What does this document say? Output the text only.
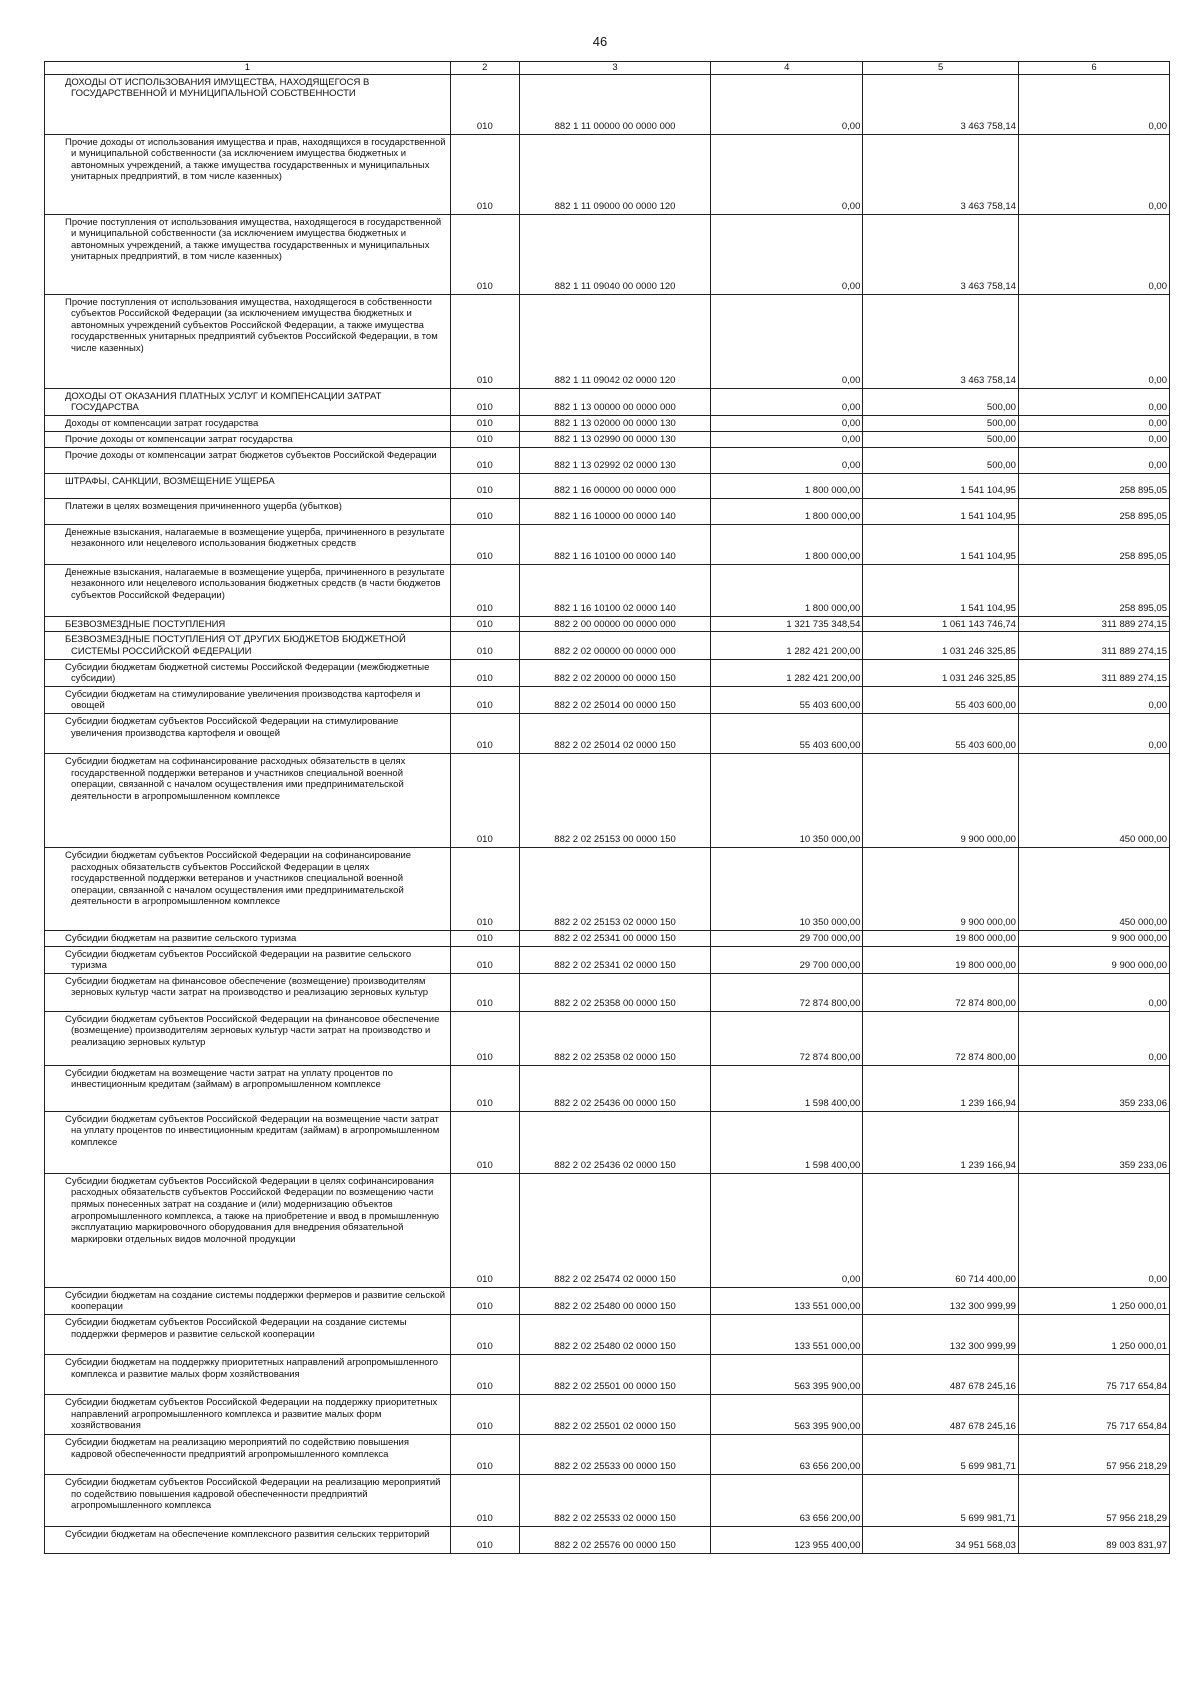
46
1	2	3	4	5	6
ДОХОДЫ ОТ ИСПОЛЬЗОВАНИЯ ИМУЩЕСТВА, НАХОДЯЩЕГОСЯ В ГОСУДАРСТВЕННОЙ И МУНИЦИПАЛЬНОЙ СОБСТВЕННОСТИ	010	882 1 11 00000 00 0000 000	0,00	3 463 758,14	0,00
Прочие доходы от использования имущества и прав, находящихся в государственной и муниципальной собственности (за исключением имущества бюджетных и автономных учреждений, а также имущества государственных и муниципальных унитарных предприятий, в том числе казенных)	010	882 1 11 09000 00 0000 120	0,00	3 463 758,14	0,00
Прочие поступления от использования имущества, находящегося в государственной и муниципальной собственности (за исключением имущества бюджетных и автономных учреждений, а также имущества государственных и муниципальных унитарных предприятий, в том числе казенных)	010	882 1 11 09040 00 0000 120	0,00	3 463 758,14	0,00
Прочие поступления от использования имущества, находящегося в собственности субъектов Российской Федерации (за исключением имущества бюджетных и автономных учреждений субъектов Российской Федерации, а также имущества государственных унитарных предприятий субъектов Российской Федерации, в том числе казенных)	010	882 1 11 09042 02 0000 120	0,00	3 463 758,14	0,00
ДОХОДЫ ОТ ОКАЗАНИЯ ПЛАТНЫХ УСЛУГ И КОМПЕНСАЦИИ ЗАТРАТ ГОСУДАРСТВА	010	882 1 13 00000 00 0000 000	0,00	500,00	0,00
Доходы от компенсации затрат государства	010	882 1 13 02000 00 0000 130	0,00	500,00	0,00
Прочие доходы от компенсации затрат государства	010	882 1 13 02990 00 0000 130	0,00	500,00	0,00
Прочие доходы от компенсации затрат бюджетов субъектов Российской Федерации	010	882 1 13 02992 02 0000 130	0,00	500,00	0,00
ШТРАФЫ, САНКЦИИ, ВОЗМЕЩЕНИЕ УЩЕРБА	010	882 1 16 00000 00 0000 000	1 800 000,00	1 541 104,95	258 895,05
Платежи в целях возмещения причиненного ущерба (убытков)	010	882 1 16 10000 00 0000 140	1 800 000,00	1 541 104,95	258 895,05
Денежные взыскания, налагаемые в возмещение ущерба, причиненного в результате незаконного или нецелевого использования бюджетных средств	010	882 1 16 10100 00 0000 140	1 800 000,00	1 541 104,95	258 895,05
Денежные взыскания, налагаемые в возмещение ущерба, причиненного в результате незаконного или нецелевого использования бюджетных средств (в части бюджетов субъектов Российской Федерации)	010	882 1 16 10100 02 0000 140	1 800 000,00	1 541 104,95	258 895,05
БЕЗВОЗМЕЗДНЫЕ ПОСТУПЛЕНИЯ	010	882 2 00 00000 00 0000 000	1 321 735 348,54	1 061 143 746,74	311 889 274,15
БЕЗВОЗМЕЗДНЫЕ ПОСТУПЛЕНИЯ ОТ ДРУГИХ БЮДЖЕТОВ БЮДЖЕТНОЙ СИСТЕМЫ РОССИЙСКОЙ ФЕДЕРАЦИИ	010	882 2 02 00000 00 0000 000	1 282 421 200,00	1 031 246 325,85	311 889 274,15
Субсидии бюджетам бюджетной системы Российской Федерации (межбюджетные субсидии)	010	882 2 02 20000 00 0000 150	1 282 421 200,00	1 031 246 325,85	311 889 274,15
Субсидии бюджетам на стимулирование увеличения производства картофеля и овощей	010	882 2 02 25014 00 0000 150	55 403 600,00	55 403 600,00	0,00
Субсидии бюджетам субъектов Российской Федерации на стимулирование увеличения производства картофеля и овощей	010	882 2 02 25014 02 0000 150	55 403 600,00	55 403 600,00	0,00
Субсидии бюджетам на софинансирование расходных обязательств в целях государственной поддержки ветеранов и участников специальной военной операции, связанной с началом осуществления ими предпринимательской деятельности в агропромышленном комплексе	010	882 2 02 25153 00 0000 150	10 350 000,00	9 900 000,00	450 000,00
Субсидии бюджетам субъектов Российской Федерации на софинансирование расходных обязательств субъектов Российской Федерации в целях государственной поддержки ветеранов и участников специальной военной операции, связанной с началом осуществления ими предпринимательской деятельности в агропромышленном комплексе	010	882 2 02 25153 02 0000 150	10 350 000,00	9 900 000,00	450 000,00
Субсидии бюджетам на развитие сельского туризма	010	882 2 02 25341 00 0000 150	29 700 000,00	19 800 000,00	9 900 000,00
Субсидии бюджетам субъектов Российской Федерации на развитие сельского туризма	010	882 2 02 25341 02 0000 150	29 700 000,00	19 800 000,00	9 900 000,00
Субсидии бюджетам на финансовое обеспечение (возмещение) производителям зерновых культур части затрат на производство и реализацию зерновых культур	010	882 2 02 25358 00 0000 150	72 874 800,00	72 874 800,00	0,00
Субсидии бюджетам субъектов Российской Федерации на финансовое обеспечение (возмещение) производителям зерновых культур части затрат на производство и реализацию зерновых культур	010	882 2 02 25358 02 0000 150	72 874 800,00	72 874 800,00	0,00
Субсидии бюджетам на возмещение части затрат на уплату процентов по инвестиционным кредитам (займам) в агропромышленном комплексе	010	882 2 02 25436 00 0000 150	1 598 400,00	1 239 166,94	359 233,06
Субсидии бюджетам субъектов Российской Федерации на возмещение части затрат на уплату процентов по инвестиционным кредитам (займам) в агропромышленном комплексе	010	882 2 02 25436 02 0000 150	1 598 400,00	1 239 166,94	359 233,06
Субсидии бюджетам субъектов Российской Федерации в целях софинансирования расходных обязательств субъектов Российской Федерации по возмещению части прямых понесенных затрат на создание и (или) модернизацию объектов агропромышленного комплекса, а также на приобретение и ввод в промышленную эксплуатацию маркировочного оборудования для внедрения обязательной маркировки отдельных видов молочной продукции	010	882 2 02 25474 02 0000 150	0,00	60 714 400,00	0,00
Субсидии бюджетам на создание системы поддержки фермеров и развитие сельской кооперации	010	882 2 02 25480 00 0000 150	133 551 000,00	132 300 999,99	1 250 000,01
Субсидии бюджетам субъектов Российской Федерации на создание системы поддержки фермеров и развитие сельской кооперации	010	882 2 02 25480 02 0000 150	133 551 000,00	132 300 999,99	1 250 000,01
Субсидии бюджетам на поддержку приоритетных направлений агропромышленного комплекса и развитие малых форм хозяйствования	010	882 2 02 25501 00 0000 150	563 395 900,00	487 678 245,16	75 717 654,84
Субсидии бюджетам субъектов Российской Федерации на поддержку приоритетных направлений агропромышленного комплекса и развитие малых форм хозяйствования	010	882 2 02 25501 02 0000 150	563 395 900,00	487 678 245,16	75 717 654,84
Субсидии бюджетам на реализацию мероприятий по содействию повышения кадровой обеспеченности предприятий агропромышленного комплекса	010	882 2 02 25533 00 0000 150	63 656 200,00	5 699 981,71	57 956 218,29
Субсидии бюджетам субъектов Российской Федерации на реализацию мероприятий по содействию повышения кадровой обеспеченности предприятий агропромышленного комплекса	010	882 2 02 25533 02 0000 150	63 656 200,00	5 699 981,71	57 956 218,29
Субсидии бюджетам на обеспечение комплексного развития сельских территорий	010	882 2 02 25576 00 0000 150	123 955 400,00	34 951 568,03	89 003 831,97
